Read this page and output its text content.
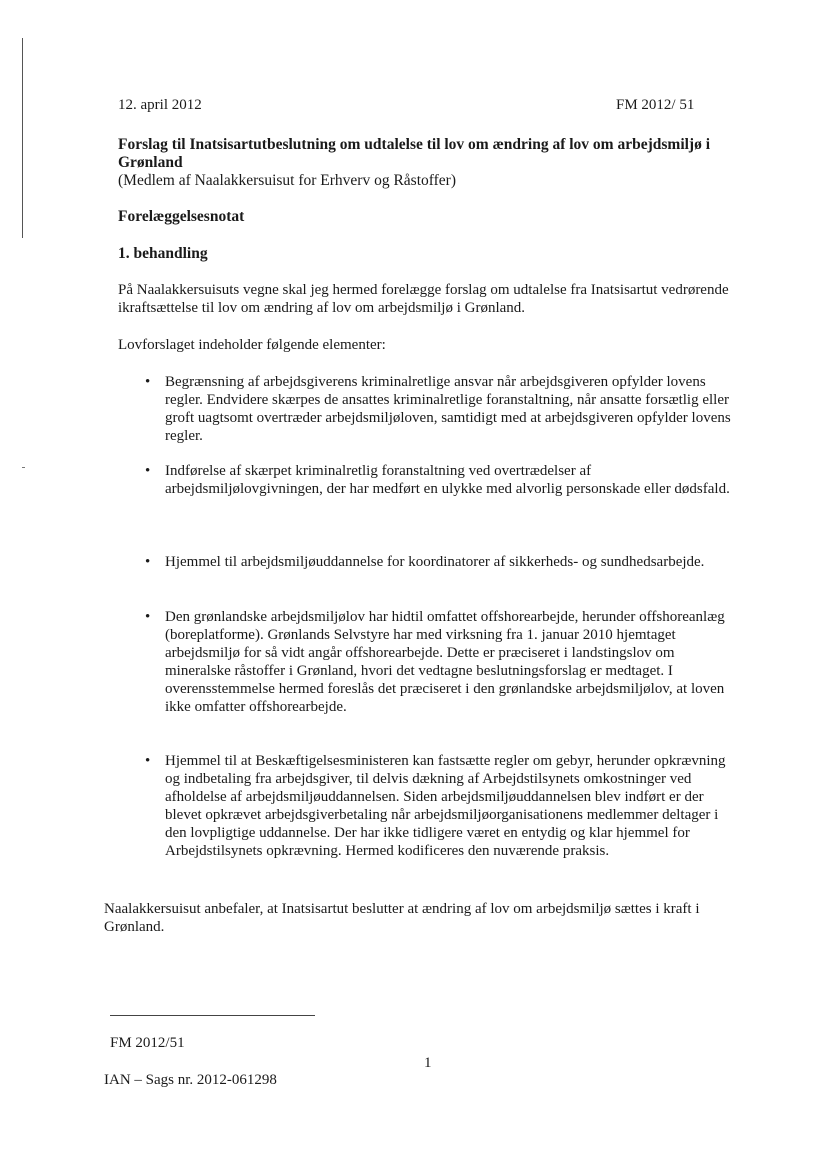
12. april 2012	FM 2012/ 51
Forslag til Inatsisartutbeslutning om udtalelse til lov om ændring af lov om arbejdsmiljø i Grønland
(Medlem af Naalakkersuisut for Erhverv og Råstoffer)
Forelæggelsesnotat
1. behandling
På Naalakkersuisuts vegne skal jeg hermed forelægge forslag om udtalelse fra Inatsisartut vedrørende ikraftsættelse til lov om ændring af lov om arbejdsmiljø i Grønland.
Lovforslaget indeholder følgende elementer:
• Begrænsning af arbejdsgiverens kriminalretlige ansvar når arbejdsgiveren opfylder lovens regler. Endvidere skærpes de ansattes kriminalretlige foranstaltning, når ansatte forsætlig eller groft uagtsomt overtræder arbejdsmiljøloven, samtidigt med at arbejdsgiveren opfylder lovens regler.
• Indførelse af skærpet kriminalretlig foranstaltning ved overtrædelser af arbejdsmiljølovgivningen, der har medført en ulykke med alvorlig personskade eller dødsfald.
• Hjemmel til arbejdsmiljøuddannelse for koordinatorer af sikkerheds- og sundhedsarbejde.
• Den grønlandske arbejdsmiljølov har hidtil omfattet offshorearbejde, herunder offshoreanlæg (boreplatforme). Grønlands Selvstyre har med virksning fra 1. januar 2010 hjemtaget arbejdsmiljø for så vidt angår offshorearbejde. Dette er præciseret i landstingslov om mineralske råstoffer i Grønland, hvori det vedtagne beslutningsforslag er medtaget. I overensstemmelse hermed foreslås det præciseret i den grønlandske arbejdsmiljølov, at loven ikke omfatter offshorearbejde.
• Hjemmel til at Beskæftigelsesministeren kan fastsætte regler om gebyr, herunder opkrævning og indbetaling fra arbejdsgiver, til delvis dækning af Arbejdstilsynets omkostninger ved afholdelse af arbejdsmiljøuddannelsen. Siden arbejdsmiljøuddannelsen blev indført er der blevet opkrævet arbejdsgiverbetaling når arbejdsmiljøorganisationens medlemmer deltager i den lovpligtige uddannelse. Der har ikke tidligere været en entydig og klar hjemmel for Arbejdstilsynets opkrævning. Hermed kodificeres den nuværende praksis.
Naalakkersuisut anbefaler, at Inatsisartut beslutter at ændring af lov om arbejdsmiljø sættes i kraft i Grønland.
FM 2012/51
1
IAN – Sags nr. 2012-061298
